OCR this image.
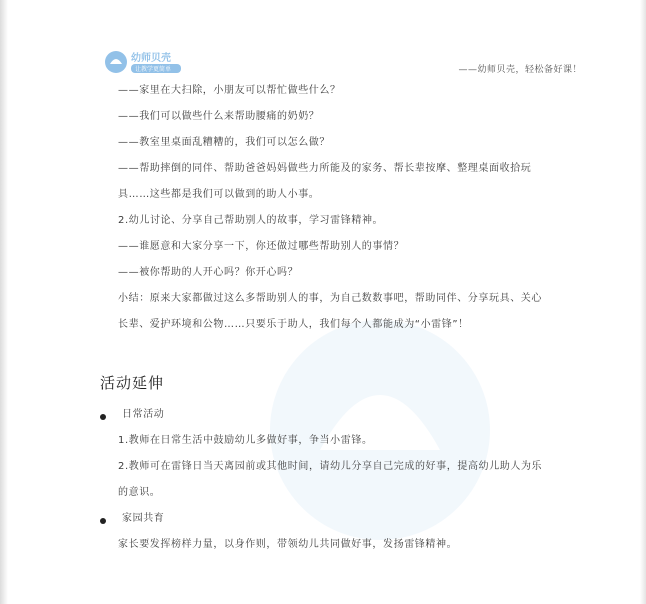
幼师贝壳
让教学更简单	——幼师贝壳，轻松备好课！
——家里在大扫除，小朋友可以帮忙做些什么？
——我们可以做些什么来帮助腰痛的奶奶？
——教室里桌面乱糟糟的，我们可以怎么做？
——帮助摔倒的同伴、帮助爸爸妈妈做些力所能及的家务、帮长辈按摩、整理桌面收拾玩
具……这些都是我们可以做到的助人小事。
2.幼儿讨论、分享自己帮助别人的故事，学习雷锋精神。
——谁愿意和大家分享一下，你还做过哪些帮助别人的事情？
——被你帮助的人开心吗？你开心吗？
小结：原来大家都做过这么多帮助别人的事，为自己数数事吧，帮助同伴、分享玩具、关心
长辈、爱护环境和公物……只要乐于助人，我们每个人都能成为“小雷锋”！
活动延伸
日常活动
1.教师在日常生活中鼓励幼儿多做好事，争当小雷锋。
2.教师可在雷锋日当天离园前或其他时间，请幼儿分享自己完成的好事，提高幼儿助人为乐
的意识。
家园共育
家长要发挥榜样力量，以身作则，带领幼儿共同做好事，发扬雷锋精神。
